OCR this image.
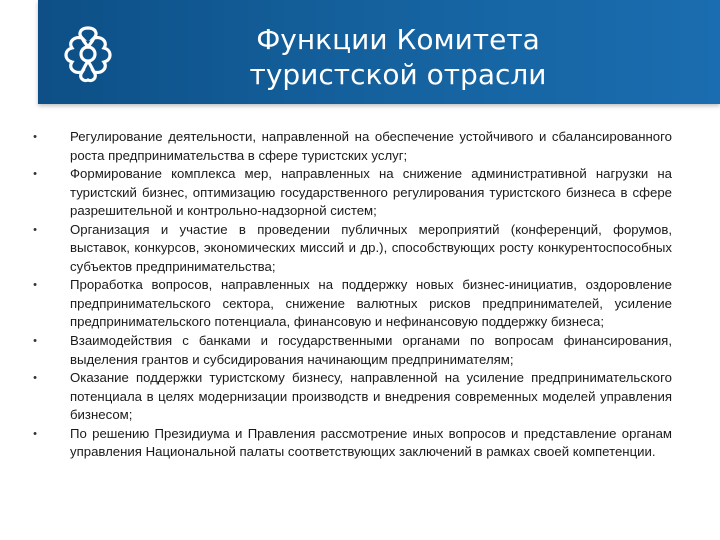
Функции Комитета
туристской отрасли
•	Регулирование деятельности, направленной на обеспечение устойчивого и сбалансированного роста предпринимательства в сфере туристских услуг;
•	Формирование комплекса мер, направленных на снижение административной нагрузки на туристский бизнес, оптимизацию государственного регулирования туристского бизнеса в сфере разрешительной и контрольно-надзорной систем;
•	Организация и участие в проведении публичных мероприятий (конференций, форумов, выставок, конкурсов, экономических миссий и др.), способствующих росту конкурентоспособных субъектов предпринимательства;
•	Проработка вопросов, направленных на поддержку новых бизнес-инициатив, оздоровление предпринимательского сектора, снижение валютных рисков предпринимателей, усиление предпринимательского потенциала, финансовую и нефинансовую поддержку бизнеса;
•	Взаимодействия с банками и государственными органами по вопросам финансирования, выделения грантов и субсидирования начинающим предпринимателям;
•	Оказание поддержки туристскому бизнесу, направленной на усиление предпринимательского потенциала в целях модернизации производств и внедрения современных моделей управления бизнесом;
•	По решению Президиума и Правления рассмотрение иных вопросов и представление органам управления Национальной палаты соответствующих заключений в рамках своей компетенции.
